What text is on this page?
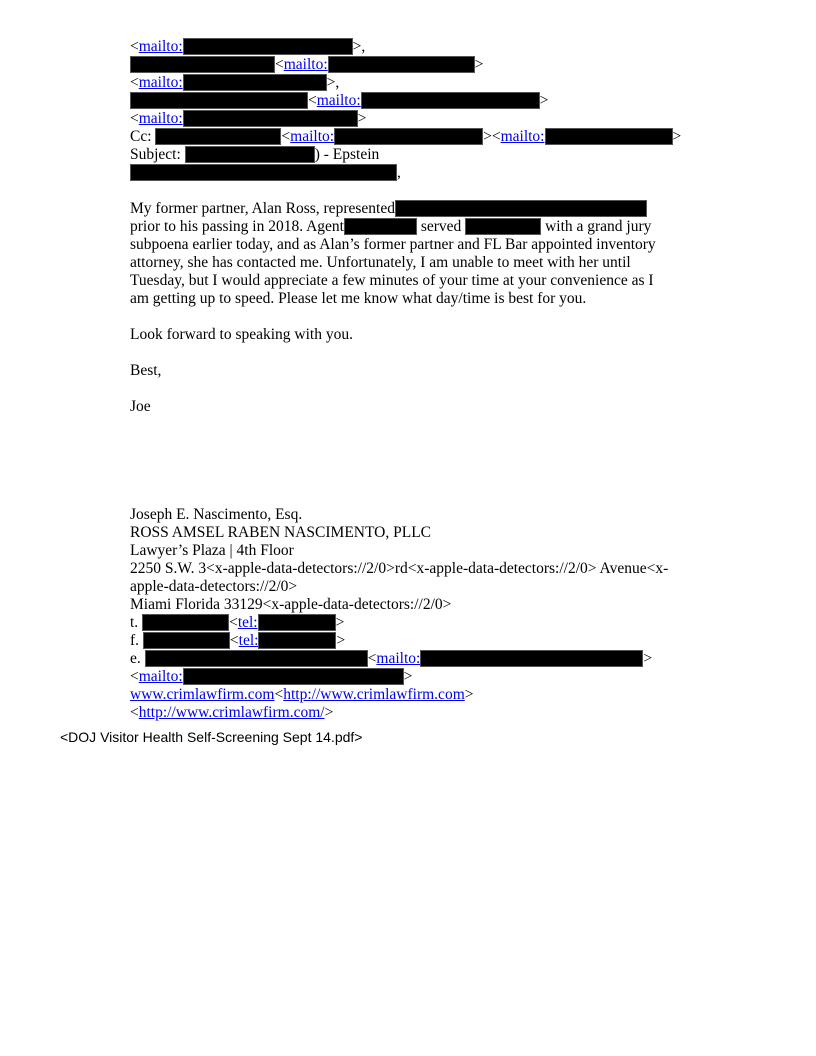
<mailto:	>,
<mailto:	>
<mailto:	>,
<mailto:	>
<mailto:	>
Cc:	<mailto:	><mailto:	>
Subject:	) - Epstein
,
My former partner, Alan Ross, represented
prior to his passing in 2018. Agent	served	with a grand jury
subpoena earlier today, and as Alan’s former partner and FL Bar appointed inventory
attorney, she has contacted me. Unfortunately, I am unable to meet with her until
Tuesday, but I would appreciate a few minutes of your time at your convenience as I
am getting up to speed. Please let me know what day/time is best for you.
Look forward to speaking with you.
Best,
Joe
Joseph E. Nascimento, Esq.
ROSS AMSEL RABEN NASCIMENTO, PLLC
Lawyer’s Plaza | 4th Floor
2250 S.W. 3<x-apple-data-detectors://2/0>rd<x-apple-data-detectors://2/0> Avenue<x-
apple-data-detectors://2/0>
Miami Florida 33129<x-apple-data-detectors://2/0>
t.	<tel:	>
f.	<tel:	>
e.	<mailto:	>
<mailto:	>
www.crimlawfirm.com<http://www.crimlawfirm.com>
<http://www.crimlawfirm.com/>
<DOJ Visitor Health Self-Screening Sept 14.pdf>
